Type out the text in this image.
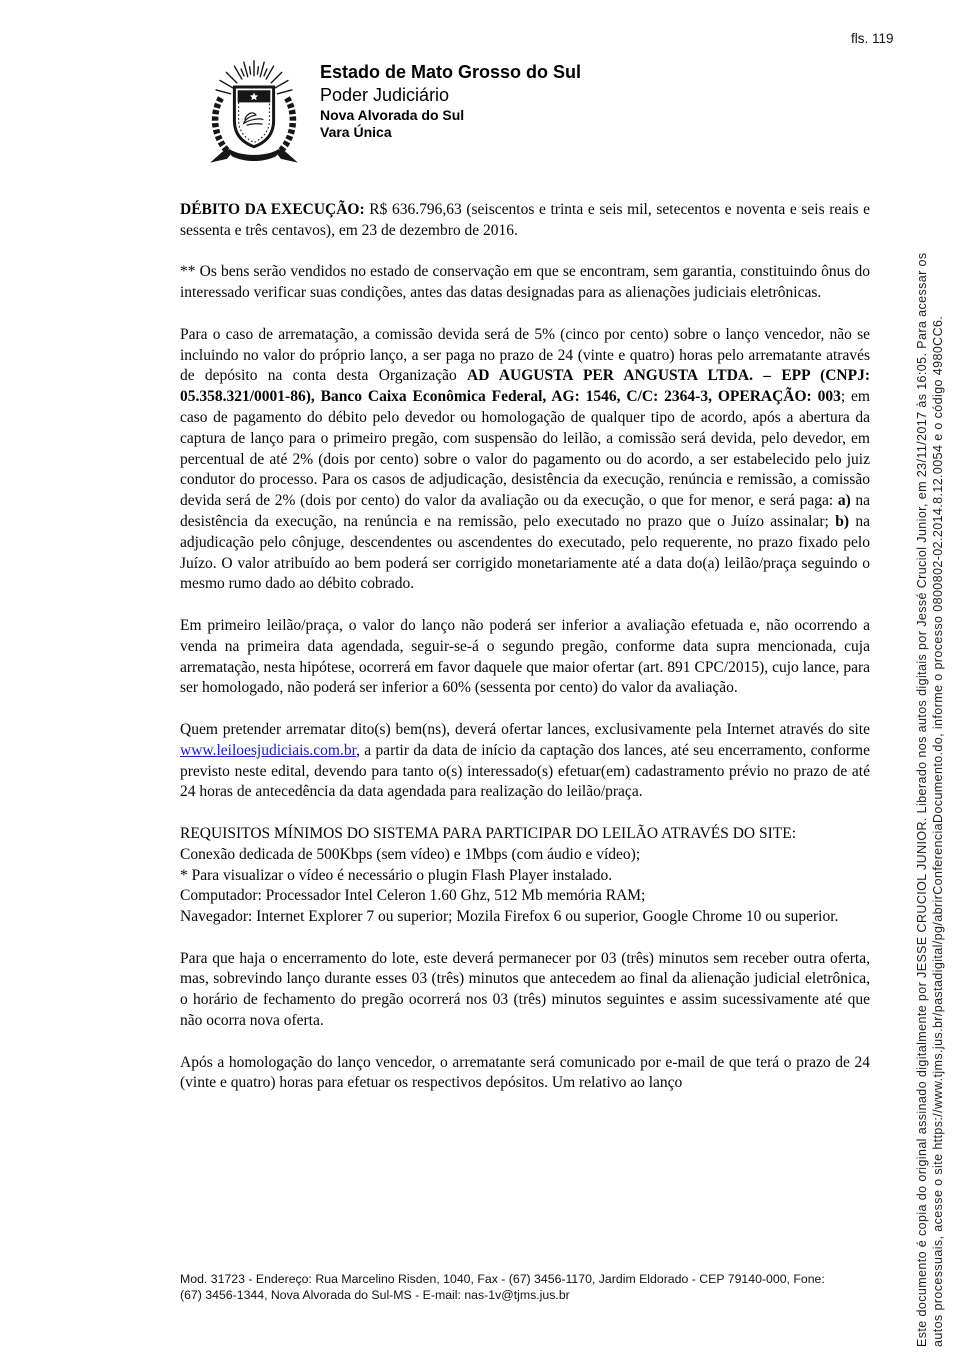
fls. 119
Estado de Mato Grosso do Sul
Poder Judiciário
Nova Alvorada do Sul
Vara Única
DÉBITO DA EXECUÇÃO: R$ 636.796,63 (seiscentos e trinta e seis mil, setecentos e noventa e seis reais e sessenta e três centavos), em 23 de dezembro de 2016.
** Os bens serão vendidos no estado de conservação em que se encontram, sem garantia, constituindo ônus do interessado verificar suas condições, antes das datas designadas para as alienações judiciais eletrônicas.
Para o caso de arrematação, a comissão devida será de 5% (cinco por cento) sobre o lanço vencedor, não se incluindo no valor do próprio lanço, a ser paga no prazo de 24 (vinte e quatro) horas pelo arrematante através de depósito na conta desta Organização AD AUGUSTA PER ANGUSTA LTDA. – EPP (CNPJ: 05.358.321/0001-86), Banco Caixa Econômica Federal, AG: 1546, C/C: 2364-3, OPERAÇÃO: 003; em caso de pagamento do débito pelo devedor ou homologação de qualquer tipo de acordo, após a abertura da captura de lanço para o primeiro pregão, com suspensão do leilão, a comissão será devida, pelo devedor, em percentual de até 2% (dois por cento) sobre o valor do pagamento ou do acordo, a ser estabelecido pelo juiz condutor do processo. Para os casos de adjudicação, desistência da execução, renúncia e remissão, a comissão devida será de 2% (dois por cento) do valor da avaliação ou da execução, o que for menor, e será paga: a) na desistência da execução, na renúncia e na remissão, pelo executado no prazo que o Juízo assinalar; b) na adjudicação pelo cônjuge, descendentes ou ascendentes do executado, pelo requerente, no prazo fixado pelo Juízo. O valor atribuído ao bem poderá ser corrigido monetariamente até a data do(a) leilão/praça seguindo o mesmo rumo dado ao débito cobrado.
Em primeiro leilão/praça, o valor do lanço não poderá ser inferior a avaliação efetuada e, não ocorrendo a venda na primeira data agendada, seguir-se-á o segundo pregão, conforme data supra mencionada, cuja arrematação, nesta hipótese, ocorrerá em favor daquele que maior ofertar (art. 891 CPC/2015), cujo lance, para ser homologado, não poderá ser inferior a 60% (sessenta por cento) do valor da avaliação.
Quem pretender arrematar dito(s) bem(ns), deverá ofertar lances, exclusivamente pela Internet através do site www.leiloesjudiciais.com.br, a partir da data de início da captação dos lances, até seu encerramento, conforme previsto neste edital, devendo para tanto o(s) interessado(s) efetuar(em) cadastramento prévio no prazo de até 24 horas de antecedência da data agendada para realização do leilão/praça.
REQUISITOS MÍNIMOS DO SISTEMA PARA PARTICIPAR DO LEILÃO ATRAVÉS DO SITE:
Conexão dedicada de 500Kbps (sem vídeo) e 1Mbps (com áudio e vídeo);
* Para visualizar o vídeo é necessário o plugin Flash Player instalado.
Computador: Processador Intel Celeron 1.60 Ghz, 512 Mb memória RAM;
Navegador: Internet Explorer 7 ou superior; Mozila Firefox 6 ou superior, Google Chrome 10 ou superior.
Para que haja o encerramento do lote, este deverá permanecer por 03 (três) minutos sem receber outra oferta, mas, sobrevindo lanço durante esses 03 (três) minutos que antecedem ao final da alienação judicial eletrônica, o horário de fechamento do pregão ocorrerá nos 03 (três) minutos seguintes e assim sucessivamente até que não ocorra nova oferta.
Após a homologação do lanço vencedor, o arrematante será comunicado por e-mail de que terá o prazo de 24 (vinte e quatro) horas para efetuar os respectivos depósitos. Um relativo ao lanço
Mod. 31723 - Endereço: Rua Marcelino Risden, 1040, Fax - (67) 3456-1170, Jardim Eldorado - CEP 79140-000, Fone:
(67) 3456-1344, Nova Alvorada do Sul-MS - E-mail: nas-1v@tjms.jus.br	Este documento é copia do original assinado digitalmente por JESSE CRUCIOL JUNIOR. Liberado nos autos digitais por Jessé Cruciol Junior, em 23/11/2017 às 16:05. Para acessar os autos processuais, acesse o site https://www.tjms.jus.br/pastadigital/pg/abrirConferenciaDocumento.do, informe o processo 0800802-02.2014.8.12.0054 e o código 4980CC6.
